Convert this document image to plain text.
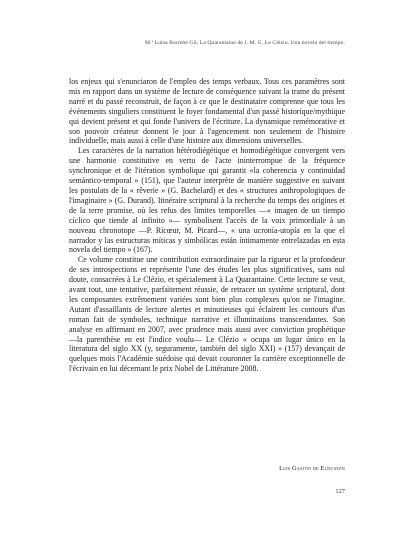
M.ª Luisa Borrebé Gil, La Quarantaine de J. M. G. Le Clézio. Una novela del tiempo.

los enjeux qui s'enunciaron de l'empleo des temps verbaux. Tous ces paramètres sont mis en rapport dans un système de lecture de conséquence suivant la trame du présent narré et du passé reconstruit, de façon à ce que le destinataire comprenne que tous les événements singuliers constituent le foyer fondamental d'un passé historique/mythique qui devient présent et qui fonde l'univers de l'écriture. La dynamique remémorative et son pouvoir créateur donnent le jour à l'agencement non seulement de l'histoire individuelle, mais aussi à celle d'une histoire aux dimensions universelles.

Les caractères de la narration hétérodiégétique et homodiégétique convergent vers une harmonie constitutive en vertu de l'acte ininterrompue de la fréquence synchronique et de l'itération symbolique qui garantit «la coherencia y continuidad semántico-temporal » (151), que l'auteur interprète de manière suggestive en suivant les postulats de la « rêverie » (G. Bachelard) et des « structures anthropologiques de l'imaginaire » (G. Durand). Itinéraire scriptural à la recherche du temps des origines et de la terre promise, où les refus des limites temporelles —« imagen de un tiempo cíclico que tiende al infinito »— symbolisent l'accès de la voix primordiale à un nouveau chronotope —P. Ricœur, M. Picard—, « una ucronía-utopía en la que el narrador y las estructuras míticas y simbólicas están íntimamente entrelazadas en esta novela del tiempo » (167).

Ce volume constitue une contribution extraordinaire par la rigueur et la profondeur de ses introspections et représente l'une des études les plus significatives, sans nul doute, consacrées à Le Clézio, et spécialement à La Quarantaine. Cette lecture se veut, avant tout, une tentative, parfaitement réussie, de retracer un système scriptural, dont les composantes extrêmement variées sont bien plus complexes qu'on ne l'imagine. Autant d'assaillants de lecture alertes et minutieuses qui éclairent les contours d'un roman fait de symboles, technique narrative et illuminations transcendantes. Son analyse en affirmant en 2007, avec prudence mais aussi avec conviction prophétique —la parenthèse en est l'indice voulu— Le Clézio « ocupa un lugar único en la literatura del siglo XX (y, seguramente, también del siglo XXI) » (157) devançait de quelques mois l'Académie suédoise qui devait couronner la carrière exceptionnelle de l'écrivain en lui décernant le prix Nobel de Littérature 2008.

Luis Gastón de Elduayen
127
